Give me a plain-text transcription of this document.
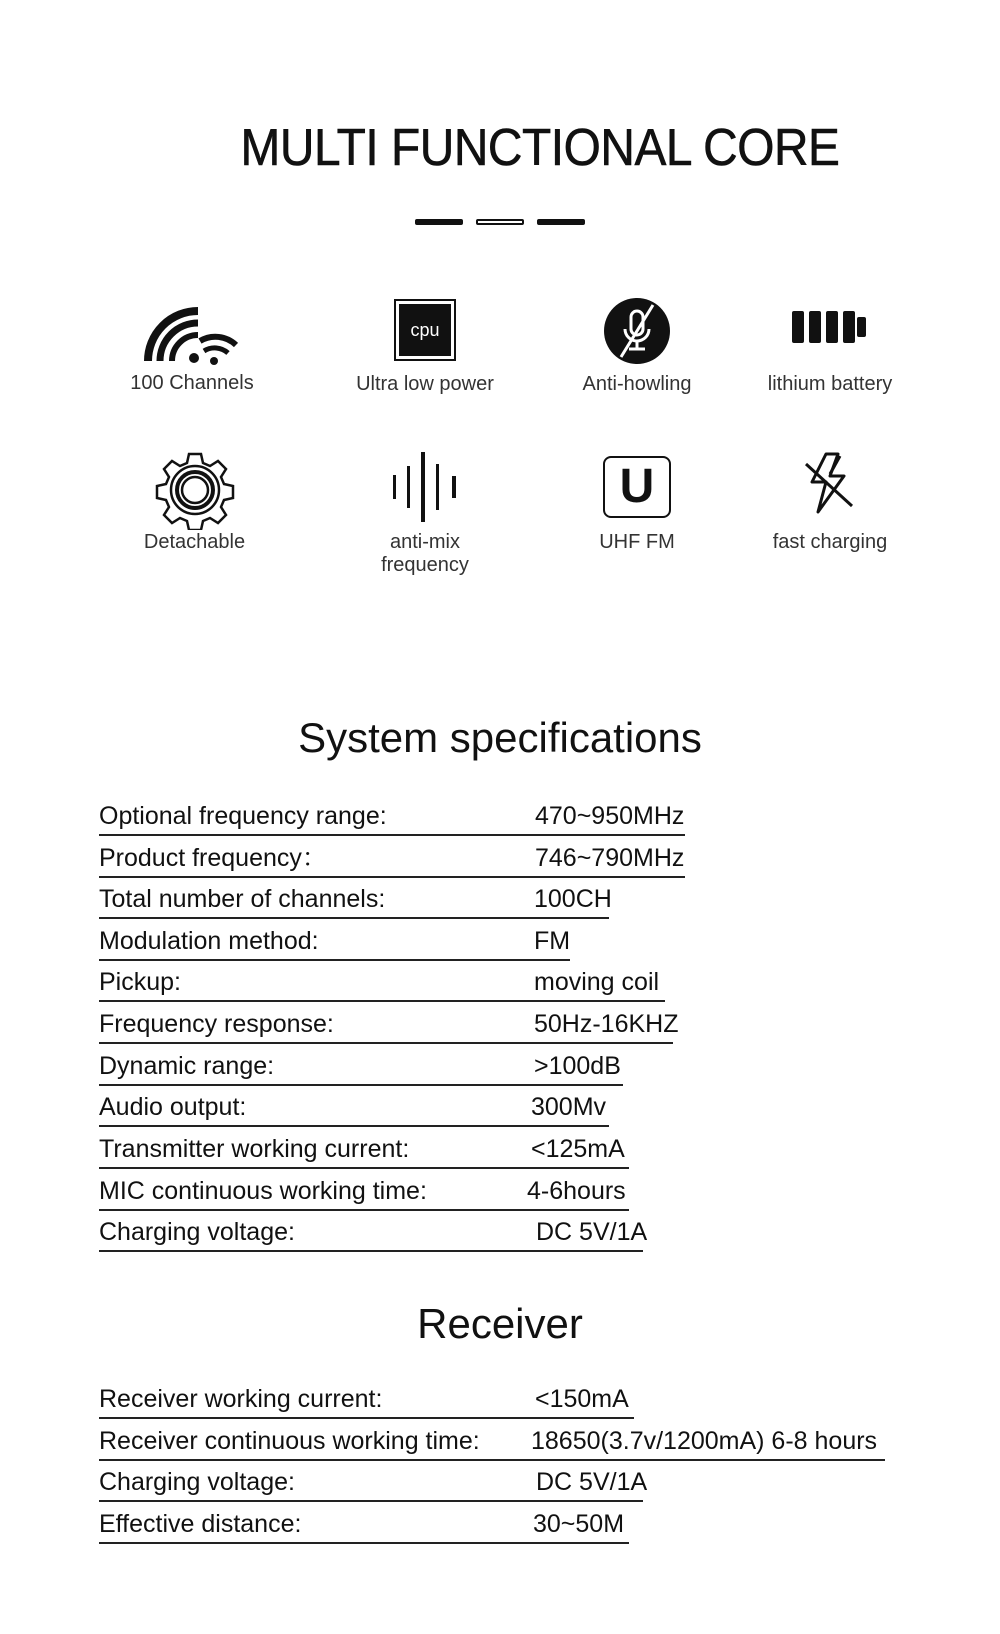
MULTI FUNCTIONAL CORE
100 Channels
cpu
Ultra low power	Anti-howling	lithium battery
Detachable	anti-mix
frequency
U
UHF FM	fast charging
System specifications
Optional frequency range:	470~950MHz
Product frequency：	746~790MHz
Total number of channels:	100CH
Modulation method:	FM
Pickup:	moving coil
Frequency response:	50Hz-16KHZ
Dynamic range:	>100dB
Audio output:	300Mv
Transmitter working current:	<125mA
MIC continuous working time:	4-6hours
Charging voltage:	DC 5V/1A
Receiver
Receiver working current:	<150mA
Receiver continuous working time: 18650(3.7v/1200mA) 6-8 hours
Charging voltage:	DC 5V/1A
Effective distance:	30~50M
